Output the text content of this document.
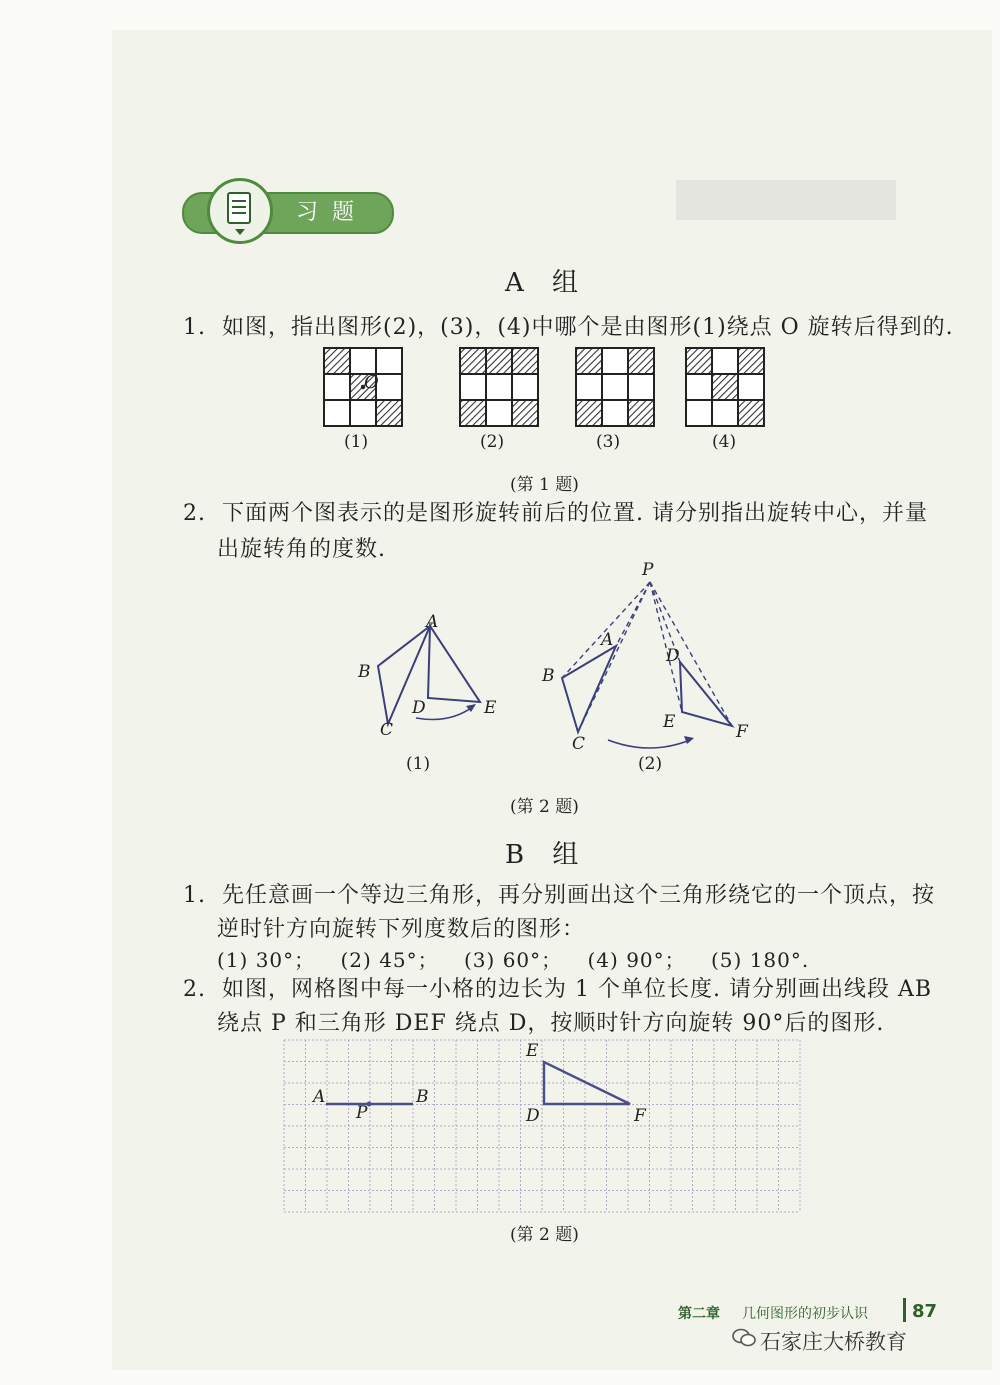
习题
A 组
1. 如图，指出图形(2)，(3)，(4)中哪个是由图形(1)绕点 O 旋转后得到的.
(1)	(2)	(3)	(4)
O
(第 1 题)
2. 下面两个图表示的是图形旋转前后的位置. 请分别指出旋转中心，并量
出旋转角的度数.
A
B
C
D	E
(1)
P
A
B
C
D
E	F
(2)
(第 2 题)
B 组
1. 先任意画一个等边三角形，再分别画出这个三角形绕它的一个顶点，按
逆时针方向旋转下列度数后的图形：
(1) 30°； (2) 45°； (3) 60°； (4) 90°； (5) 180°.
2. 如图，网格图中每一小格的边长为 1 个单位长度. 请分别画出线段 AB
绕点 P 和三角形 DEF 绕点 D，按顺时针方向旋转 90°后的图形.
A
P
B
E
D	F
(第 2 题)
第二章 几何图形的初步认识 87
石家庄大桥教育
